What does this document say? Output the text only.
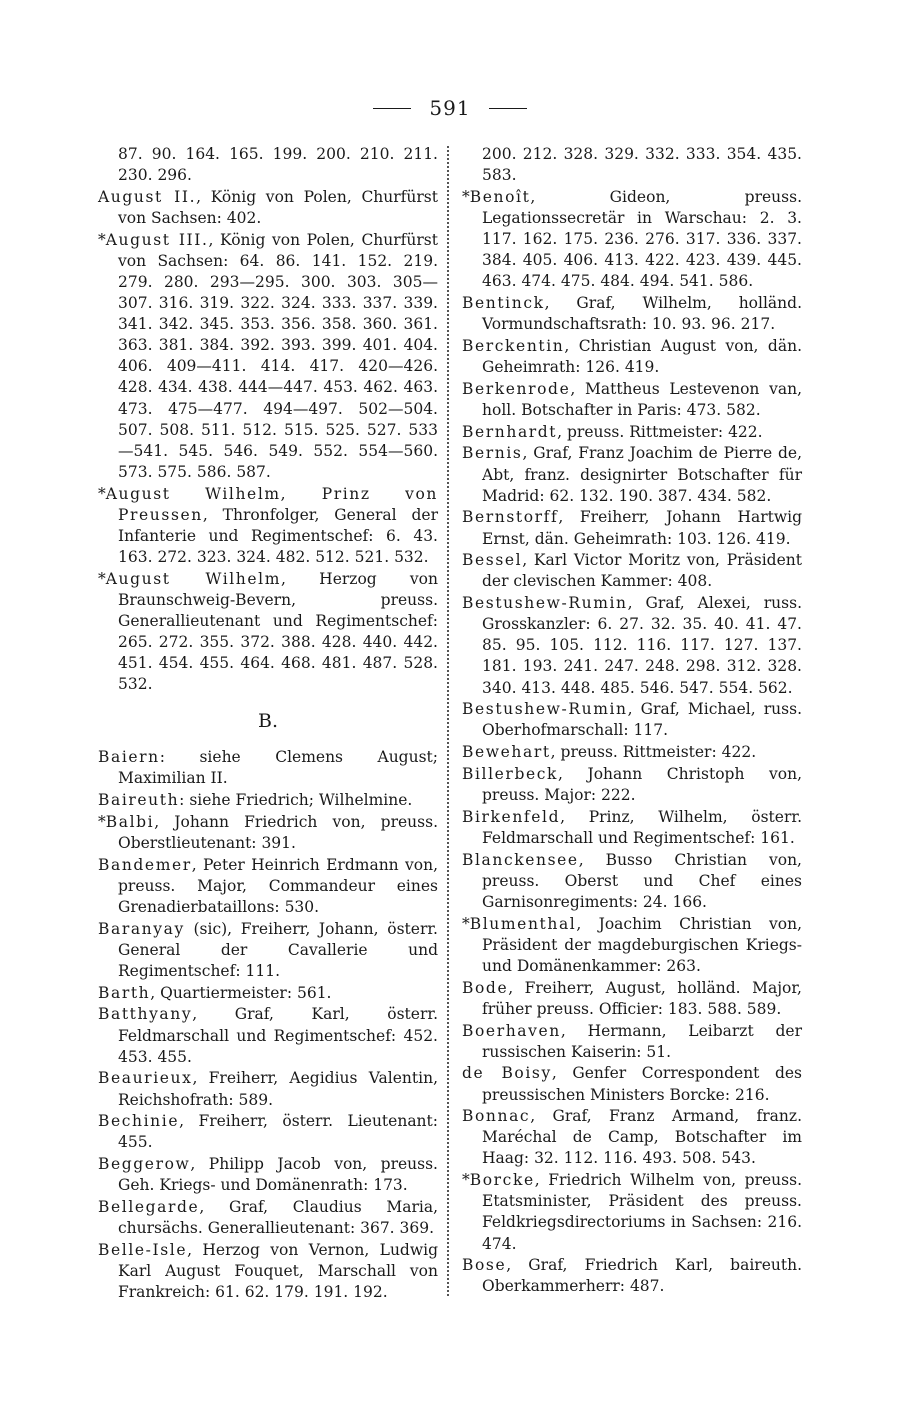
591

87. 90. 164. 165. 199. 200. 210. 211. 230. 296.

August II., König von Polen, Churfürst von Sachsen: 402.

*August III., König von Polen, Churfürst von Sachsen: 64. 86. 141. 152. 219. 279. 280. 293—295. 300. 303. 305—307. 316. 319. 322. 324. 333. 337. 339. 341. 342. 345. 353. 356. 358. 360. 361. 363. 381. 384. 392. 393. 399. 401. 404. 406. 409—411. 414. 417. 420—426. 428. 434. 438. 444—447. 453. 462. 463. 473. 475—477. 494—497. 502—504. 507. 508. 511. 512. 515. 525. 527. 533—541. 545. 546. 549. 552. 554—560. 573. 575. 586. 587.

*August Wilhelm, Prinz von Preussen, Thronfolger, General der Infanterie und Regimentschef: 6. 43. 163. 272. 323. 324. 482. 512. 521. 532.

*August Wilhelm, Herzog von Braunschweig-Bevern, preuss. Generallieutenant und Regimentschef: 265. 272. 355. 372. 388. 428. 440. 442. 451. 454. 455. 464. 468. 481. 487. 528. 532.

B.

Baiern: siehe Clemens August; Maximilian II.

Baireuth: siehe Friedrich; Wilhelmine.

*Balbi, Johann Friedrich von, preuss. Oberstlieutenant: 391.

Bandemer, Peter Heinrich Erdmann von, preuss. Major, Commandeur eines Grenadierbataillons: 530.

Baranyay (sic), Freiherr, Johann, österr. General der Cavallerie und Regimentschef: 111.

Barth, Quartiermeister: 561.

Batthyany, Graf, Karl, österr. Feldmarschall und Regimentschef: 452. 453. 455.

Beaurieux, Freiherr, Aegidius Valentin, Reichshofrath: 589.

Bechinie, Freiherr, österr. Lieutenant: 455.

Beggerow, Philipp Jacob von, preuss. Geh. Kriegs- und Domänenrath: 173.

Bellegarde, Graf, Claudius Maria, chursächs. Generallieutenant: 367. 369.

Belle-Isle, Herzog von Vernon, Ludwig Karl August Fouquet, Marschall von Frankreich: 61. 62. 179. 191. 192.

200. 212. 328. 329. 332. 333. 354. 435. 583.

*Benoît, Gideon, preuss. Legationssecretär in Warschau: 2. 3. 117. 162. 175. 236. 276. 317. 336. 337. 384. 405. 406. 413. 422. 423. 439. 445. 463. 474. 475. 484. 494. 541. 586.

Bentinck, Graf, Wilhelm, holländ. Vormundschaftsrath: 10. 93. 96. 217.

Berckentin, Christian August von, dän. Geheimrath: 126. 419.

Berkenrode, Mattheus Lestevenon van, holl. Botschafter in Paris: 473. 582.

Bernhardt, preuss. Rittmeister: 422.

Bernis, Graf, Franz Joachim de Pierre de, Abt, franz. designirter Botschafter für Madrid: 62. 132. 190. 387. 434. 582.

Bernstorff, Freiherr, Johann Hartwig Ernst, dän. Geheimrath: 103. 126. 419.

Bessel, Karl Victor Moritz von, Präsident der clevischen Kammer: 408.

Bestushew-Rumin, Graf, Alexei, russ. Grosskanzler: 6. 27. 32. 35. 40. 41. 47. 85. 95. 105. 112. 116. 117. 127. 137. 181. 193. 241. 247. 248. 298. 312. 328. 340. 413. 448. 485. 546. 547. 554. 562.

Bestushew-Rumin, Graf, Michael, russ. Oberhofmarschall: 117.

Bewehart, preuss. Rittmeister: 422.

Billerbeck, Johann Christoph von, preuss. Major: 222.

Birkenfeld, Prinz, Wilhelm, österr. Feldmarschall und Regimentschef: 161.

Blanckensee, Busso Christian von, preuss. Oberst und Chef eines Garnisonregiments: 24. 166.

*Blumenthal, Joachim Christian von, Präsident der magdeburgischen Kriegs- und Domänenkammer: 263.

Bode, Freiherr, August, holländ. Major, früher preuss. Officier: 183. 588. 589.

Boerhaven, Hermann, Leibarzt der russischen Kaiserin: 51.

de Boisy, Genfer Correspondent des preussischen Ministers Borcke: 216.

Bonnac, Graf, Franz Armand, franz. Maréchal de Camp, Botschafter im Haag: 32. 112. 116. 493. 508. 543.

*Borcke, Friedrich Wilhelm von, preuss. Etatsminister, Präsident des preuss. Feldkriegsdirectoriums in Sachsen: 216. 474.

Bose, Graf, Friedrich Karl, baireuth. Oberkammerherr: 487.
